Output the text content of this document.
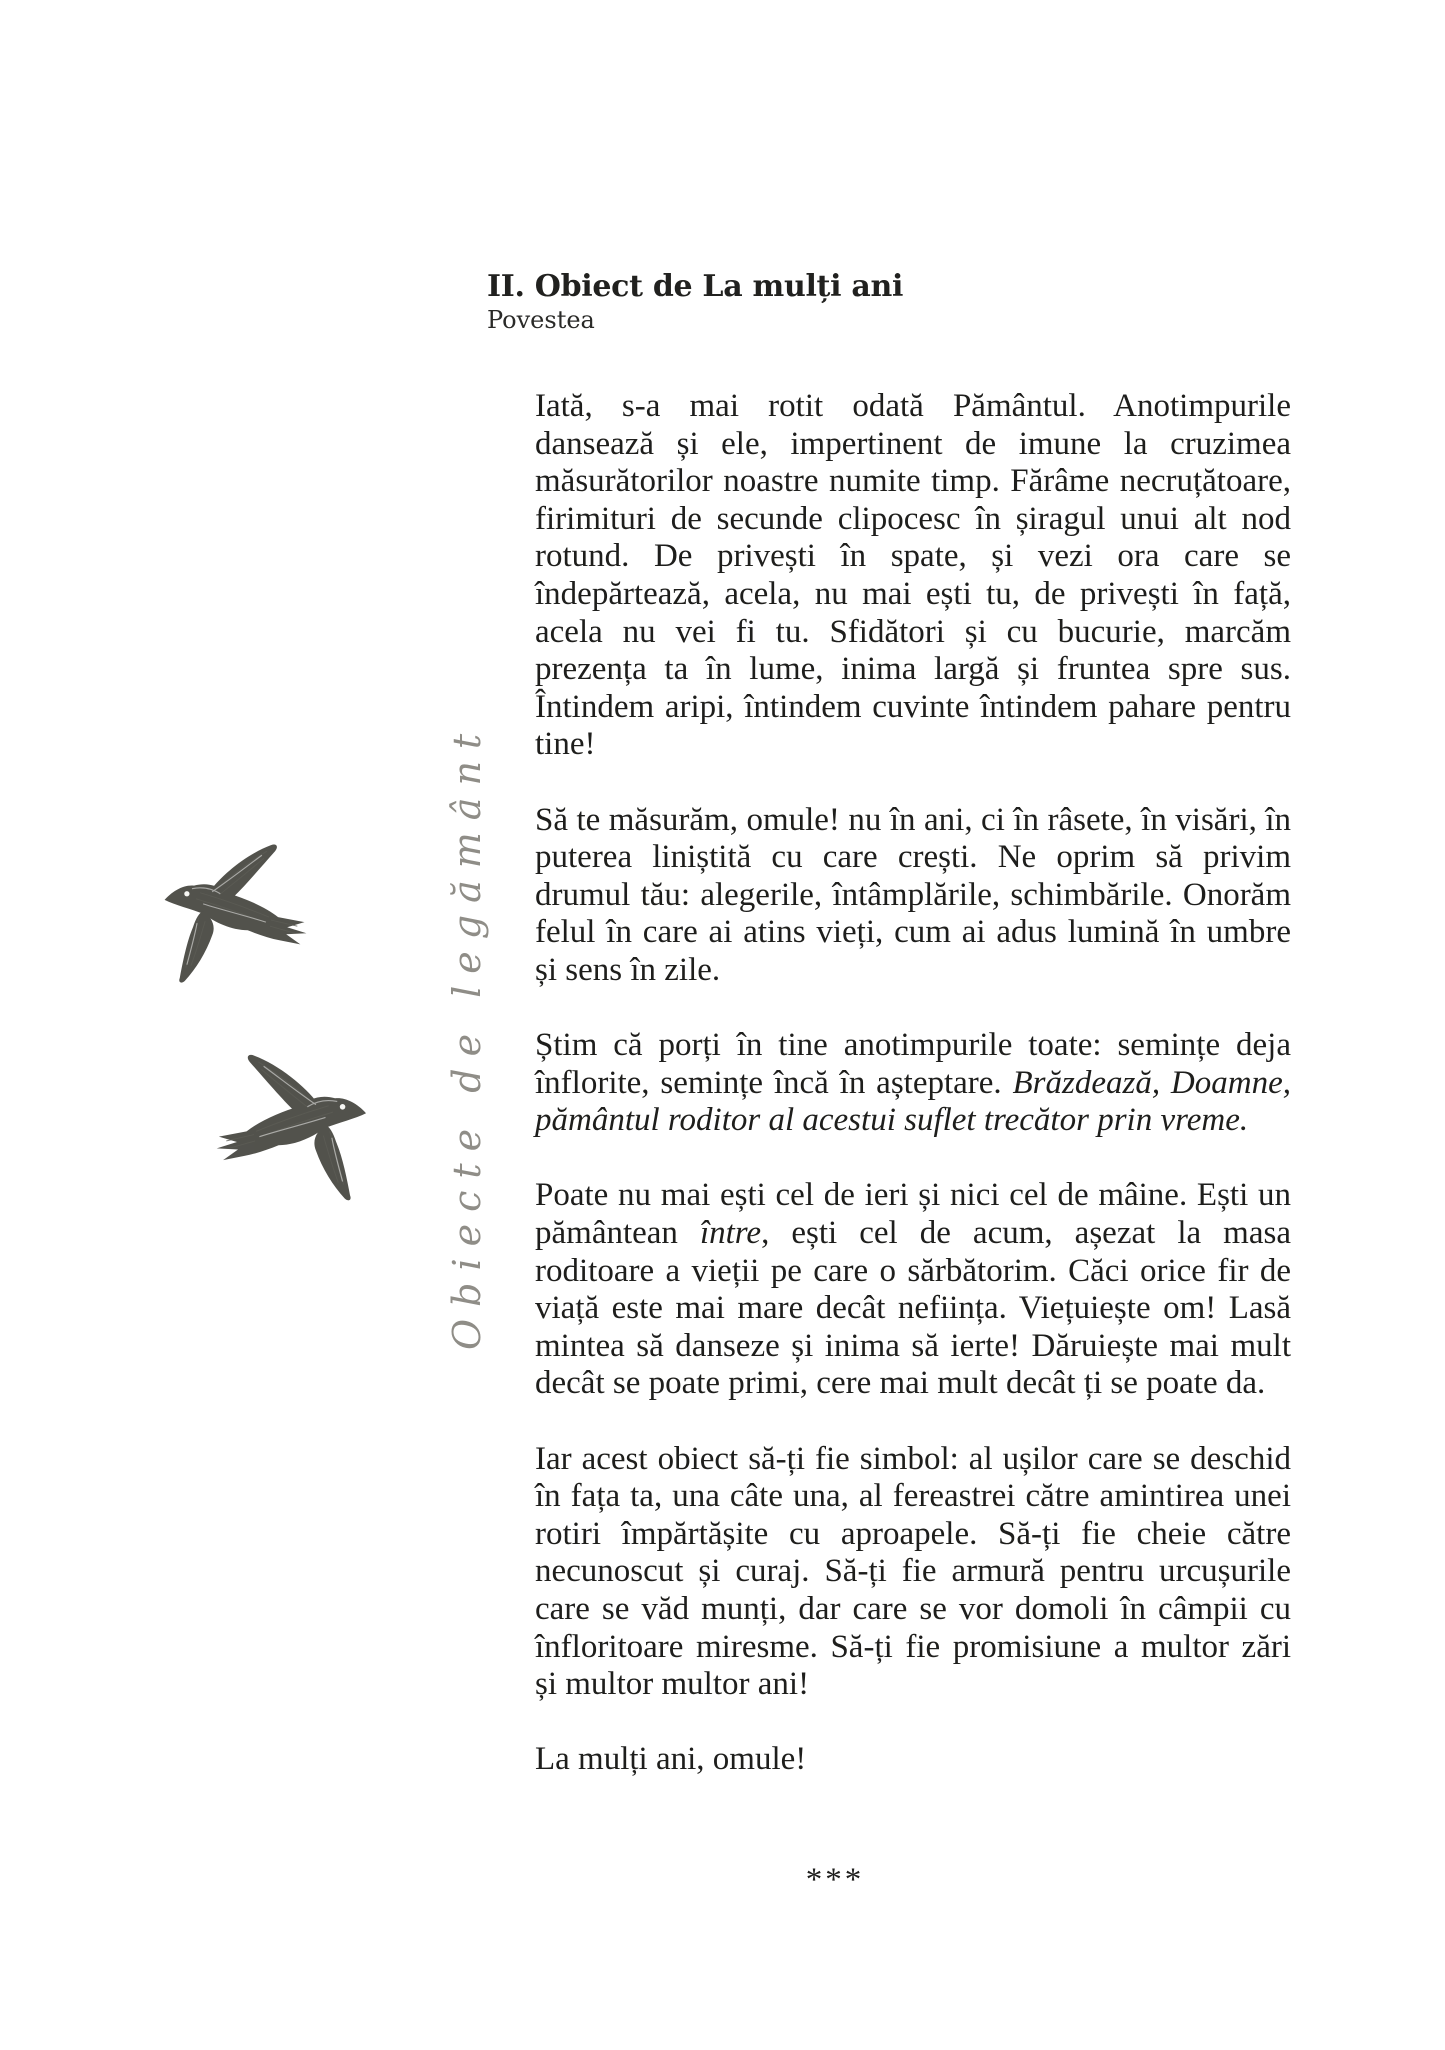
Obiecte de legământ
II. Obiect de La mulți ani
Povestea

Iată, s-a mai rotit odată Pământul. Anotimpurile dansează și ele, impertinent de imune la cruzimea măsurătorilor noastre numite timp. Fărâme necruțătoare, firimituri de secunde clipocesc în șiragul unui alt nod rotund. De privești în spate, și vezi ora care se îndepărtează, acela, nu mai ești tu, de privești în față, acela nu vei fi tu. Sfidători și cu bucurie, marcăm prezența ta în lume, inima largă și fruntea spre sus. Întindem aripi, întindem cuvinte întindem pahare pentru tine!

Să te măsurăm, omule! nu în ani, ci în râsete, în visări, în puterea liniștită cu care crești. Ne oprim să privim drumul tău: alegerile, întâmplările, schimbările. Onorăm felul în care ai atins vieți, cum ai adus lumină în umbre și sens în zile.

Știm că porți în tine anotimpurile toate: semințe deja înflorite, semințe încă în așteptare. Brăzdează, Doamne, pământul roditor al acestui suflet trecător prin vreme.

Poate nu mai ești cel de ieri și nici cel de mâine. Ești un pământean între, ești cel de acum, așezat la masa roditoare a vieții pe care o sărbătorim. Căci orice fir de viață este mai mare decât neființa. Viețuiește om! Lasă mintea să danseze și inima să ierte! Dăruiește mai mult decât se poate primi, cere mai mult decât ți se poate da.

Iar acest obiect să-ți fie simbol: al ușilor care se deschid în fața ta, una câte una, al fereastrei către amintirea unei rotiri împărtășite cu aproapele. Să-ți fie cheie către necunoscut și curaj. Să-ți fie armură pentru urcușurile care se văd munți, dar care se vor domoli în câmpii cu înfloritoare miresme. Să-ți fie promisiune a multor zări și multor multor ani!

La mulți ani, omule!

***
